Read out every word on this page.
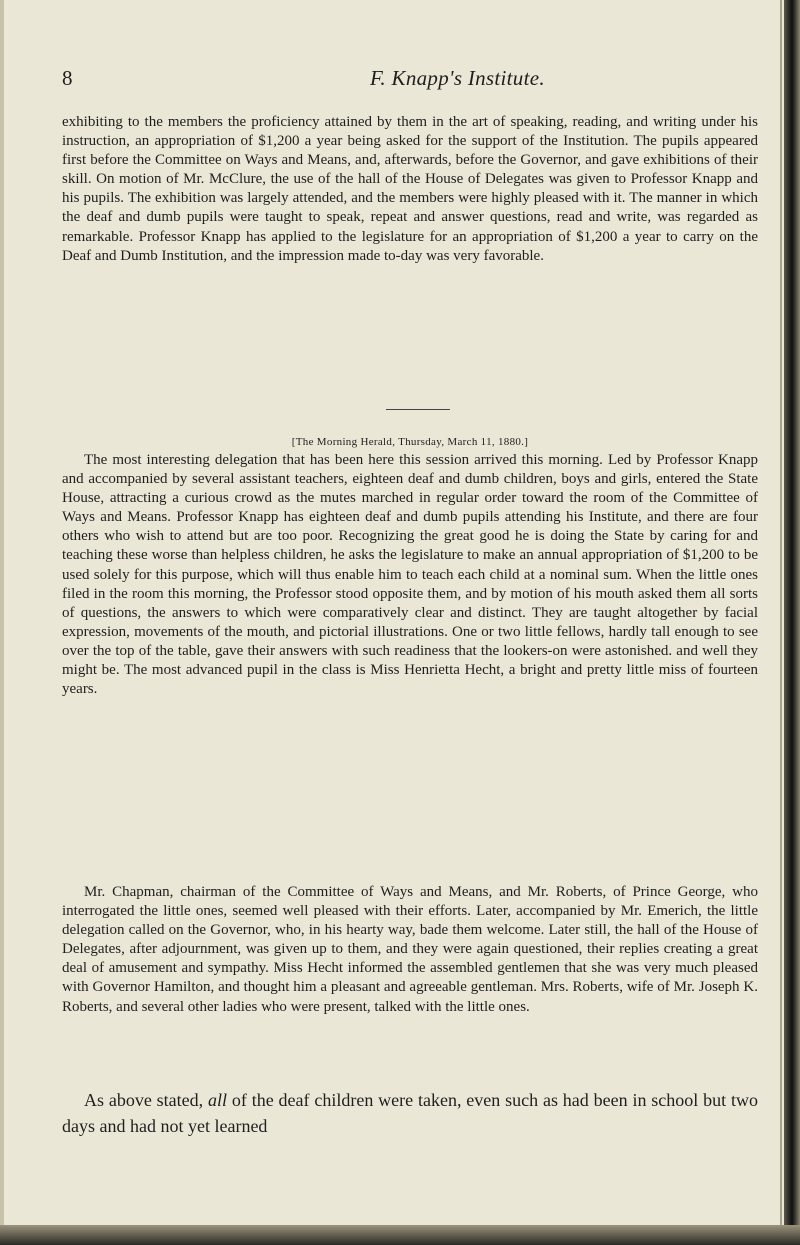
8	F. Knapp's Institute.

exhibiting to the members the proficiency attained by them in the art of speaking, reading, and writing under his instruction, an appropriation of $1,200 a year being asked for the support of the Institution. The pupils appeared first before the Committee on Ways and Means, and, afterwards, before the Governor, and gave exhibitions of their skill. On motion of Mr. McClure, the use of the hall of the House of Delegates was given to Professor Knapp and his pupils. The exhibition was largely attended, and the members were highly pleased with it. The manner in which the deaf and dumb pupils were taught to speak, repeat and answer questions, read and write, was regarded as remarkable. Professor Knapp has applied to the legislature for an appropriation of $1,200 a year to carry on the Deaf and Dumb Institution, and the impression made to-day was very favorable.

[The Morning Herald, Thursday, March 11, 1880.]

The most interesting delegation that has been here this session arrived this morning. Led by Professor Knapp and accompanied by several assistant teachers, eighteen deaf and dumb children, boys and girls, entered the State House, attracting a curious crowd as the mutes marched in regular order toward the room of the Committee of Ways and Means. Professor Knapp has eighteen deaf and dumb pupils attending his Institute, and there are four others who wish to attend but are too poor. Recognizing the great good he is doing the State by caring for and teaching these worse than helpless children, he asks the legislature to make an annual appropriation of $1,200 to be used solely for this purpose, which will thus enable him to teach each child at a nominal sum. When the little ones filed in the room this morning, the Professor stood opposite them, and by motion of his mouth asked them all sorts of questions, the answers to which were comparatively clear and distinct. They are taught altogether by facial expression, movements of the mouth, and pictorial illustrations. One or two little fellows, hardly tall enough to see over the top of the table, gave their answers with such readiness that the lookers-on were astonished. and well they might be. The most advanced pupil in the class is Miss Henrietta Hecht, a bright and pretty little miss of fourteen years.

Mr. Chapman, chairman of the Committee of Ways and Means, and Mr. Roberts, of Prince George, who interrogated the little ones, seemed well pleased with their efforts. Later, accompanied by Mr. Emerich, the little delegation called on the Governor, who, in his hearty way, bade them welcome. Later still, the hall of the House of Delegates, after adjournment, was given up to them, and they were again questioned, their replies creating a great deal of amusement and sympathy. Miss Hecht informed the assembled gentlemen that she was very much pleased with Governor Hamilton, and thought him a pleasant and agreeable gentleman. Mrs. Roberts, wife of Mr. Joseph K. Roberts, and several other ladies who were present, talked with the little ones.

As above stated, all of the deaf children were taken, even such as had been in school but two days and had not yet learned
